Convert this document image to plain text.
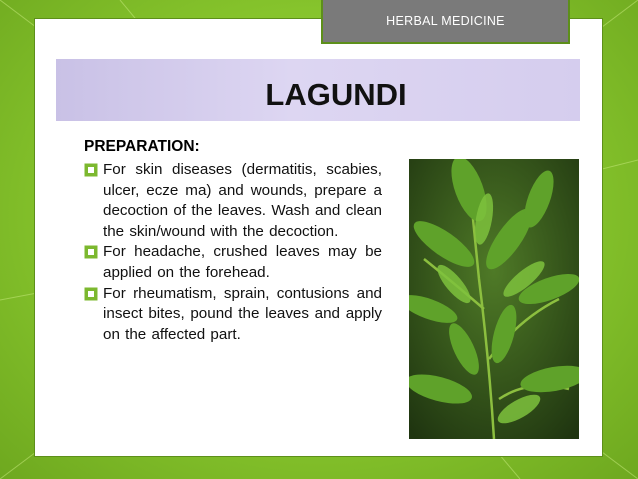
HERBAL MEDICINE
LAGUNDI
PREPARATION:
For skin diseases (dermatitis, scabies, ulcer, ecze ma) and wounds, prepare a decoction of the leaves. Wash and clean the skin/wound with the decoction.
For headache, crushed leaves may be applied on the forehead.
For rheumatism, sprain, contusions and insect bites, pound the leaves and apply on the affected part.
